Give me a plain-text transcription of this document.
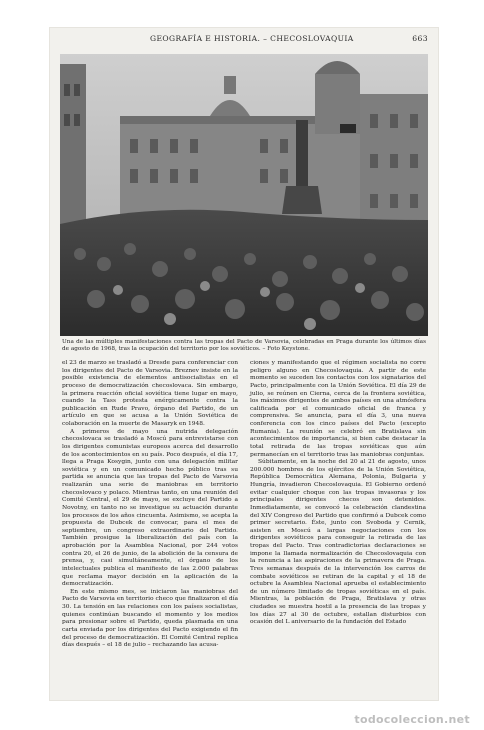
GEOGRAFÍA E HISTORIA. – CHECOSLOVAQUIA	663
Una de las múltiples manifestaciones contra las tropas del Pacto de Varsovia, celebradas en Praga durante los últimos días de agosto de 1968, tras la ocupación del territorio por los soviéticos. – Foto Keystone.

el 23 de marzo se trasladó a Dresde para conferenciar con los dirigentes del Pacto de Varsovia. Breznev insiste en la posible existencia de elementos antisocialistas en el proceso de democratización checoslovaca. Sin embargo, la primera reacción oficial soviética tiene lugar en mayo, cuando la Tass protesta enérgicamente contra la publicación en Rude Pravo, órgano del Partido, de un artículo en que se acusa a la Unión Soviética de colaboración en la muerte de Masaryk en 1948.

A primeros de mayo una nutrida delegación checoslovaca se trasladó a Moscú para entrevistarse con los dirigentes comunistas europeos acerca del desarrollo de los acontecimientos en su país. Poco después, el día 17, llega a Praga Kosygin, junto con una delegación militar soviética y en un comunicado hecho público tras su partida se anuncia que las tropas del Pacto de Varsovia realizarán una serie de maniobras en territorio checoslovaco y polaco. Mientras tanto, en una reunión del Comité Central, el 29 de mayo, se excluye del Partido a Novotny, en tanto no se investigue su actuación durante los procesos de los años cincuenta. Asimismo, se acepta la propuesta de Dubcek de convocar, para el mes de septiembre, un congreso extraordinario del Partido. También prosigue la liberalización del país con la aprobación por la Asamblea Nacional, por 244 votos contra 20, el 26 de junio, de la abolición de la censura de prensa, y, casi simultáneamente, el órgano de los intelectuales publica el manifiesto de las 2.000 palabras que reclama mayor decisión en la aplicación de la democratización.

En este mismo mes, se iniciaron las maniobras del Pacto de Varsovia en territorio checo que finalizaron el día 30. La tensión en las relaciones con los países socialistas, quienes continúan buscando el momento y los medios para presionar sobre el Partido, queda plasmada en una carta enviada por los dirigentes del Pacto exigiendo el fin del proceso de democratización. El Comité Central replica días después – el 18 de julio – rechazando las acusa-

ciones y manifestando que el régimen socialista no corre peligro alguno en Checoslovaquia. A partir de este momento se suceden los contactos con los signatarios del Pacto, principalmente con la Unión Soviética. El día 29 de julio, se reúnen en Cierna, cerca de la frontera soviética, los máximos dirigentes de ambos países en una atmósfera calificada por el comunicado oficial de franca y comprensiva. Se anuncia, para el día 3, una nueva conferencia con los cinco países del Pacto (excepto Rumania). La reunión se celebró en Bratislava sin acontecimientos de importancia, si bien cabe destacar la total retirada de las tropas soviéticas que aún permanecían en el territorio tras las maniobras conjuntas.

Súbitamente, en la noche del 20 al 21 de agosto, unos 200.000 hombres de los ejércitos de la Unión Soviética, República Democrática Alemana, Polonia, Bulgaria y Hungría, invadieron Checoslovaquia. El Gobierno ordenó evitar cualquier choque con las tropas invasoras y los principales dirigentes checos son detenidos. Inmediatamente, se convocó la celebración clandestina del XIV Congreso del Partido que confirmó a Dubcek como primer secretario. Éste, junto con Svoboda y Cernik, asisten en Moscú a largas negociaciones con los dirigentes soviéticos para conseguir la retirada de las tropas del Pacto. Tras contradictorias declaraciones se impone la llamada normalización de Checoslovaquia con la renuncia a las aspiraciones de la primavera de Praga. Tres semanas después de la intervención los carros de combate soviéticos se retiran de la capital y el 18 de octubre la Asamblea Nacional aprueba el establecimiento de un número limitado de tropas soviéticas en el país. Mientras, la población de Praga, Bratislava y otras ciudades se muestra hostil a la presencia de las tropas y los días 27 al 30 de octubre, estallan disturbios con ocasión del L aniversario de la fundación del Estado

todocoleccion.net
